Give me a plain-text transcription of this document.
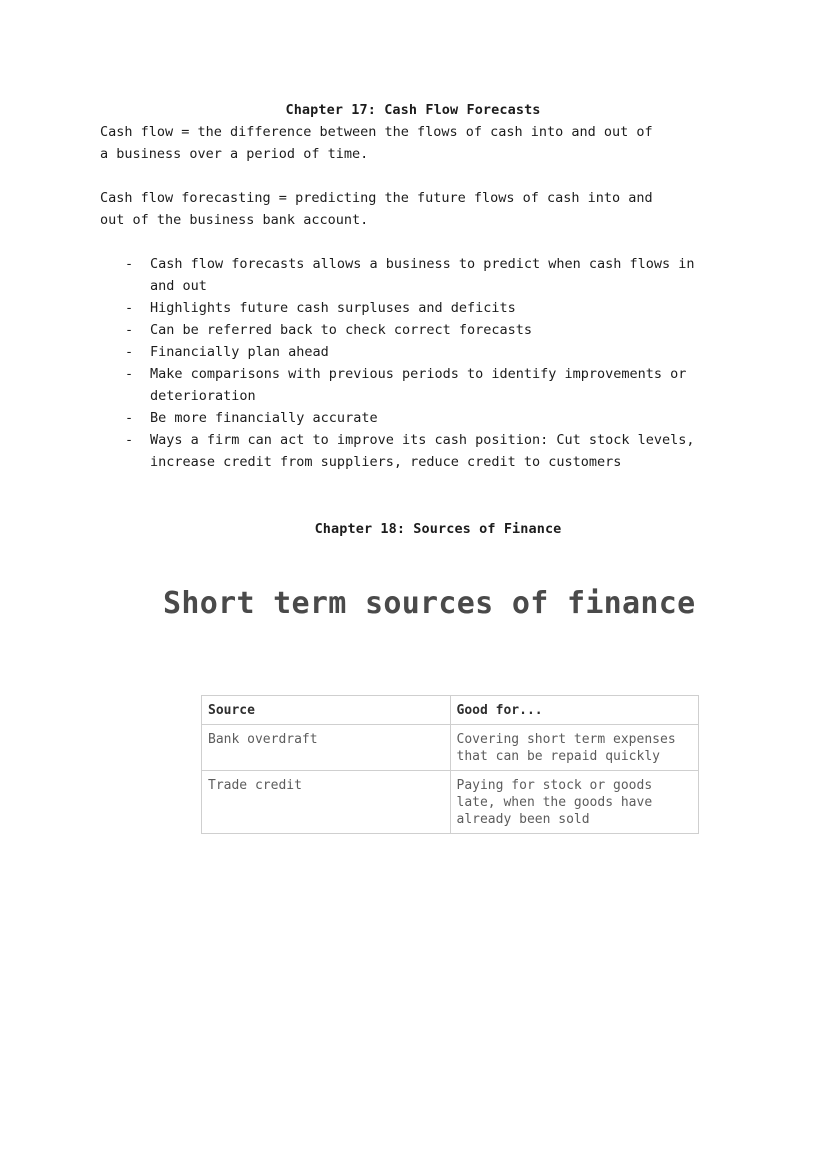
Chapter 17: Cash Flow Forecasts
Cash flow = the difference between the flows of cash into and out of
a business over a period of time.
Cash flow forecasting = predicting the future flows of cash into and
out of the business bank account.
- Cash flow forecasts allows a business to predict when cash flows in and out
- Highlights future cash surpluses and deficits
- Can be referred back to check correct forecasts
- Financially plan ahead
- Make comparisons with previous periods to identify improvements or deterioration
- Be more financially accurate
- Ways a firm can act to improve its cash position: Cut stock levels, increase credit from suppliers, reduce credit to customers
Chapter 18: Sources of Finance
Short term sources of finance
Source	Good for...
Bank overdraft	Covering short term expenses that can be repaid quickly
Trade credit	Paying for stock or goods late, when the goods have already been sold
